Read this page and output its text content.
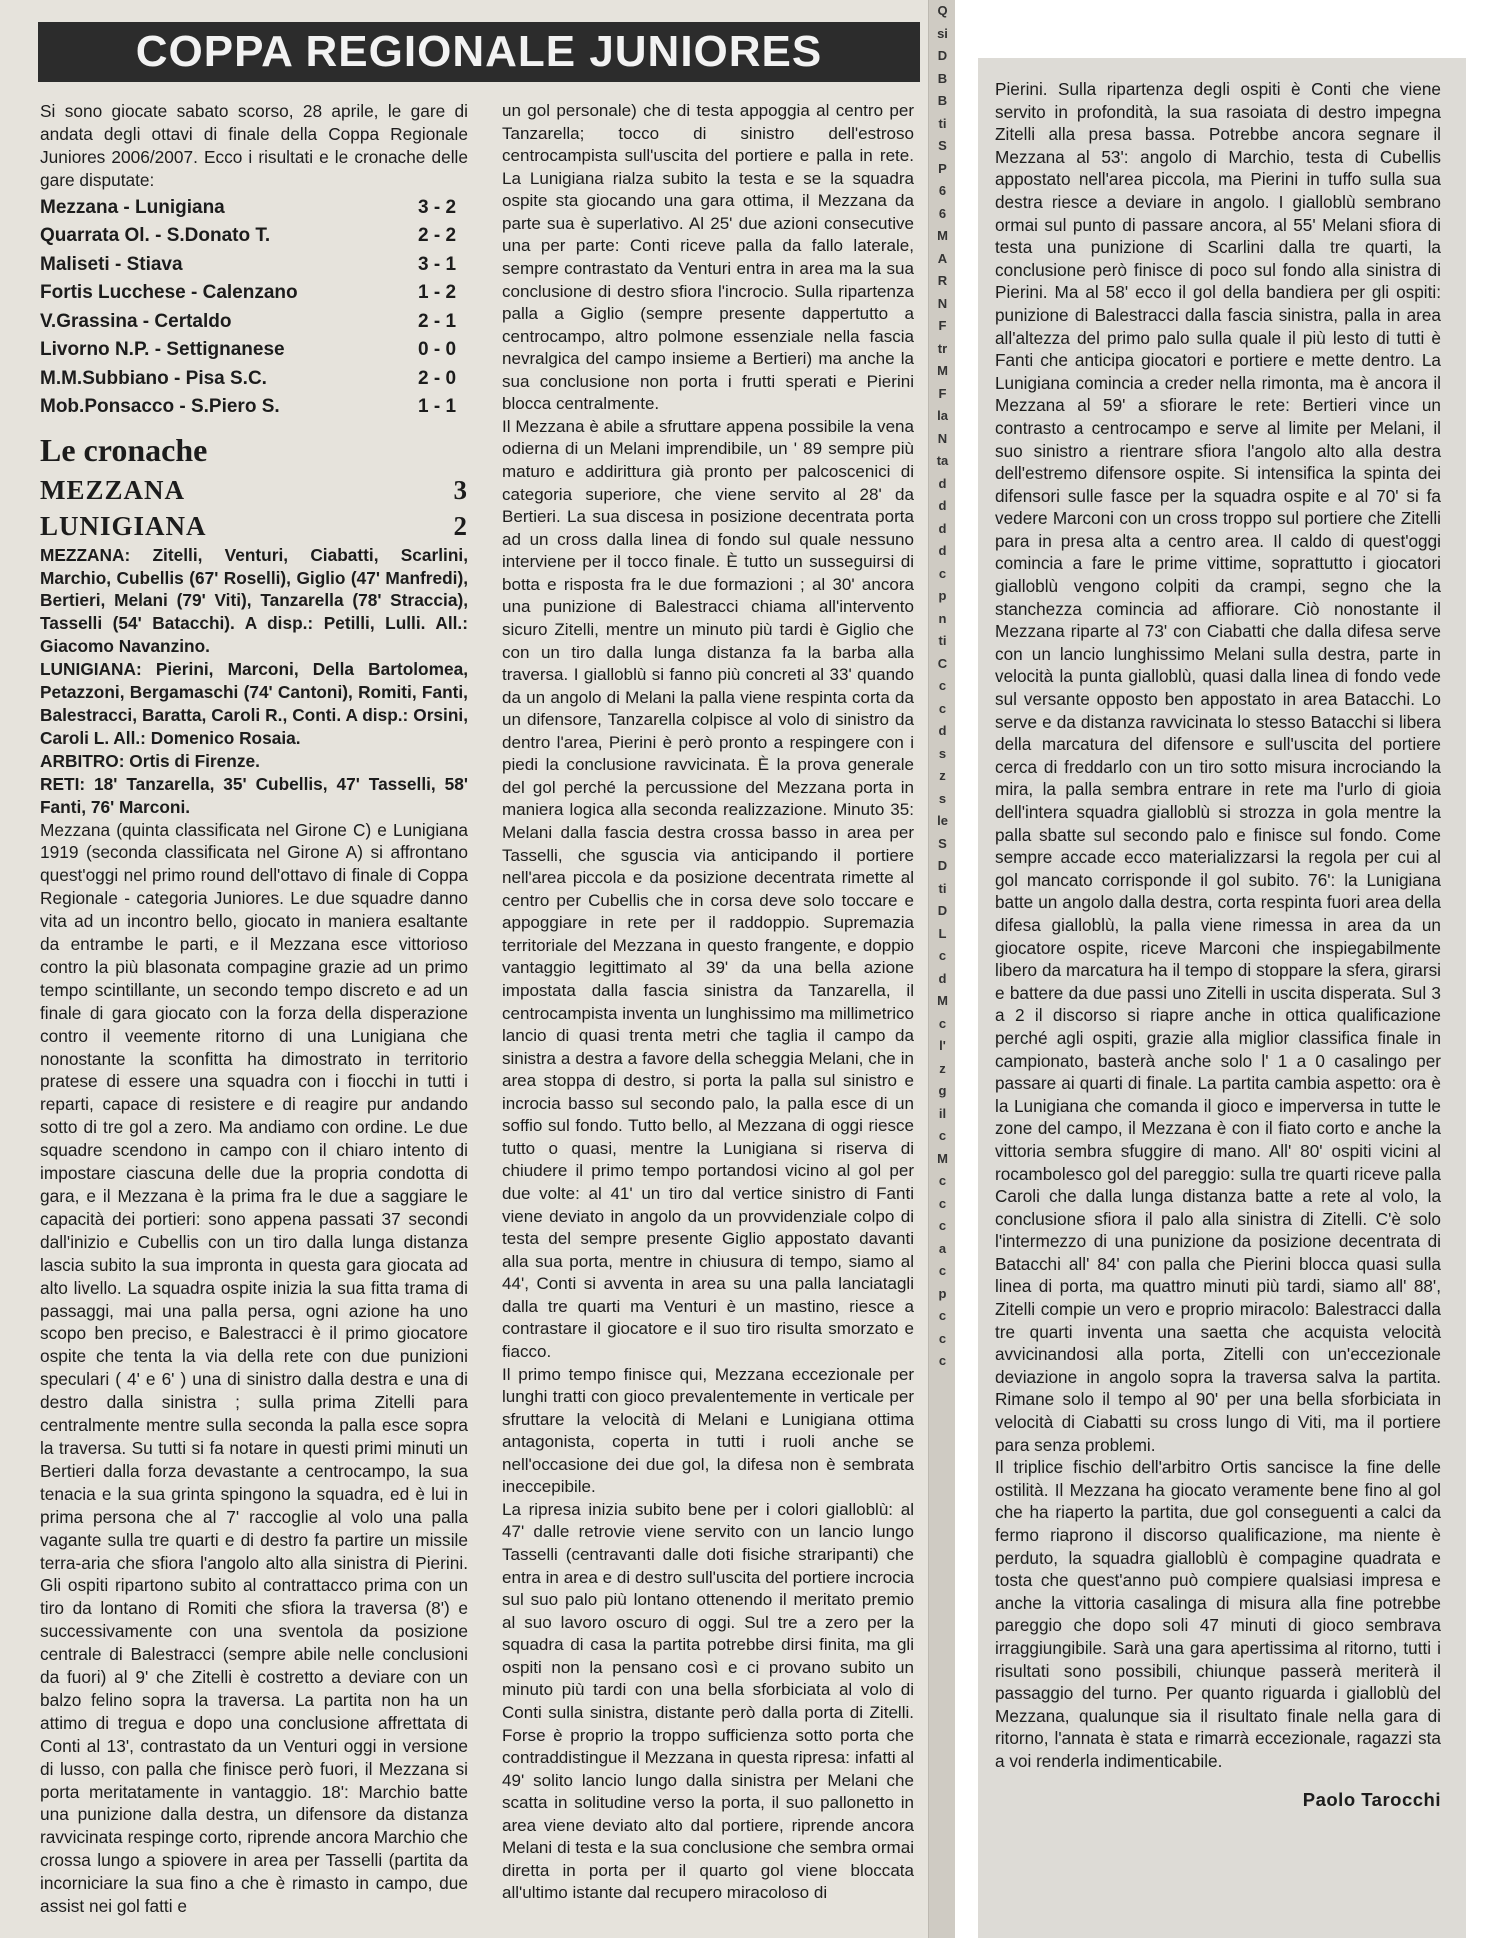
COPPA REGIONALE JUNIORES

Si sono giocate sabato scorso, 28 aprile, le gare di andata degli ottavi di finale della Coppa Regionale Juniores 2006/2007. Ecco i risultati e le cronache delle gare disputate:

Mezzana - Lunigiana	3 - 2
Quarrata Ol. - S.Donato T.	2 - 2
Maliseti - Stiava	3 - 1
Fortis Lucchese - Calenzano	1 - 2
V.Grassina - Certaldo	2 - 1
Livorno N.P. - Settignanese	0 - 0
M.M.Subbiano - Pisa S.C.	2 - 0
Mob.Ponsacco - S.Piero S.	1 - 1
Le cronache
MEZZANA	3
LUNIGIANA	2

MEZZANA: Zitelli, Venturi, Ciabatti, Scarlini, Marchio, Cubellis (67' Roselli), Giglio (47' Manfredi), Bertieri, Melani (79' Viti), Tanzarella (78' Straccia), Tasselli (54' Batacchi). A disp.: Petilli, Lulli. All.: Giacomo Navanzino.

LUNIGIANA: Pierini, Marconi, Della Bartolomea, Petazzoni, Bergamaschi (74' Cantoni), Romiti, Fanti, Balestracci, Baratta, Caroli R., Conti. A disp.: Orsini, Caroli L. All.: Domenico Rosaia.

ARBITRO: Ortis di Firenze.

RETI: 18' Tanzarella, 35' Cubellis, 47' Tasselli, 58' Fanti, 76' Marconi.

Mezzana (quinta classificata nel Girone C) e Lunigiana 1919 (seconda classificata nel Girone A) si affrontano quest'oggi nel primo round dell'ottavo di finale di Coppa Regionale - categoria Juniores. Le due squadre danno vita ad un incontro bello, giocato in maniera esaltante da entrambe le parti, e il Mezzana esce vittorioso contro la più blasonata compagine grazie ad un primo tempo scintillante, un secondo tempo discreto e ad un finale di gara giocato con la forza della disperazione contro il veemente ritorno di una Lunigiana che nonostante la sconfitta ha dimostrato in territorio pratese di essere una squadra con i fiocchi in tutti i reparti, capace di resistere e di reagire pur andando sotto di tre gol a zero. Ma andiamo con ordine. Le due squadre scendono in campo con il chiaro intento di impostare ciascuna delle due la propria condotta di gara, e il Mezzana è la prima fra le due a saggiare le capacità dei portieri: sono appena passati 37 secondi dall'inizio e Cubellis con un tiro dalla lunga distanza lascia subito la sua impronta in questa gara giocata ad alto livello. La squadra ospite inizia la sua fitta trama di passaggi, mai una palla persa, ogni azione ha uno scopo ben preciso, e Balestracci è il primo giocatore ospite che tenta la via della rete con due punizioni speculari ( 4' e 6' ) una di sinistro dalla destra e una di destro dalla sinistra ; sulla prima Zitelli para centralmente mentre sulla seconda la palla esce sopra la traversa. Su tutti si fa notare in questi primi minuti un Bertieri dalla forza devastante a centrocampo, la sua tenacia e la sua grinta spingono la squadra, ed è lui in prima persona che al 7' raccoglie al volo una palla vagante sulla tre quarti e di destro fa partire un missile terra-aria che sfiora l'angolo alto alla sinistra di Pierini. Gli ospiti ripartono subito al contrattacco prima con un tiro da lontano di Romiti che sfiora la traversa (8') e successivamente con una sventola da posizione centrale di Balestracci (sempre abile nelle conclusioni da fuori) al 9' che Zitelli è costretto a deviare con un balzo felino sopra la traversa. La partita non ha un attimo di tregua e dopo una conclusione affrettata di Conti al 13', contrastato da un Venturi oggi in versione di lusso, con palla che finisce però fuori, il Mezzana si porta meritatamente in vantaggio. 18': Marchio batte una punizione dalla destra, un difensore da distanza ravvicinata respinge corto, riprende ancora Marchio che crossa lungo a spiovere in area per Tasselli (partita da incorniciare la sua fino a che è rimasto in campo, due assist nei gol fatti e

un gol personale) che di testa appoggia al centro per Tanzarella; tocco di sinistro dell'estroso centrocampista sull'uscita del portiere e palla in rete. La Lunigiana rialza subito la testa e se la squadra ospite sta giocando una gara ottima, il Mezzana da parte sua è superlativo. Al 25' due azioni consecutive una per parte: Conti riceve palla da fallo laterale, sempre contrastato da Venturi entra in area ma la sua conclusione di destro sfiora l'incrocio. Sulla ripartenza palla a Giglio (sempre presente dappertutto a centrocampo, altro polmone essenziale nella fascia nevralgica del campo insieme a Bertieri) ma anche la sua conclusione non porta i frutti sperati e Pierini blocca centralmente.

Il Mezzana è abile a sfruttare appena possibile la vena odierna di un Melani imprendibile, un ' 89 sempre più maturo e addirittura già pronto per palcoscenici di categoria superiore, che viene servito al 28' da Bertieri. La sua discesa in posizione decentrata porta ad un cross dalla linea di fondo sul quale nessuno interviene per il tocco finale. È tutto un susseguirsi di botta e risposta fra le due formazioni ; al 30' ancora una punizione di Balestracci chiama all'intervento sicuro Zitelli, mentre un minuto più tardi è Giglio che con un tiro dalla lunga distanza fa la barba alla traversa. I gialloblù si fanno più concreti al 33' quando da un angolo di Melani la palla viene respinta corta da un difensore, Tanzarella colpisce al volo di sinistro da dentro l'area, Pierini è però pronto a respingere con i piedi la conclusione ravvicinata. È la prova generale del gol perché la percussione del Mezzana porta in maniera logica alla seconda realizzazione. Minuto 35: Melani dalla fascia destra crossa basso in area per Tasselli, che sguscia via anticipando il portiere nell'area piccola e da posizione decentrata rimette al centro per Cubellis che in corsa deve solo toccare e appoggiare in rete per il raddoppio. Supremazia territoriale del Mezzana in questo frangente, e doppio vantaggio legittimato al 39' da una bella azione impostata dalla fascia sinistra da Tanzarella, il centrocampista inventa un lunghissimo ma millimetrico lancio di quasi trenta metri che taglia il campo da sinistra a destra a favore della scheggia Melani, che in area stoppa di destro, si porta la palla sul sinistro e incrocia basso sul secondo palo, la palla esce di un soffio sul fondo. Tutto bello, al Mezzana di oggi riesce tutto o quasi, mentre la Lunigiana si riserva di chiudere il primo tempo portandosi vicino al gol per due volte: al 41' un tiro dal vertice sinistro di Fanti viene deviato in angolo da un provvidenziale colpo di testa del sempre presente Giglio appostato davanti alla sua porta, mentre in chiusura di tempo, siamo al 44', Conti si avventa in area su una palla lanciatagli dalla tre quarti ma Venturi è un mastino, riesce a contrastare il giocatore e il suo tiro risulta smorzato e fiacco.

Il primo tempo finisce qui, Mezzana eccezionale per lunghi tratti con gioco prevalentemente in verticale per sfruttare la velocità di Melani e Lunigiana ottima antagonista, coperta in tutti i ruoli anche se nell'occasione dei due gol, la difesa non è sembrata ineccepibile.

La ripresa inizia subito bene per i colori gialloblù: al 47' dalle retrovie viene servito con un lancio lungo Tasselli (centravanti dalle doti fisiche straripanti) che entra in area e di destro sull'uscita del portiere incrocia sul suo palo più lontano ottenendo il meritato premio al suo lavoro oscuro di oggi. Sul tre a zero per la squadra di casa la partita potrebbe dirsi finita, ma gli ospiti non la pensano così e ci provano subito un minuto più tardi con una bella sforbiciata al volo di Conti sulla sinistra, distante però dalla porta di Zitelli. Forse è proprio la troppo sufficienza sotto porta che contraddistingue il Mezzana in questa ripresa: infatti al 49' solito lancio lungo dalla sinistra per Melani che scatta in solitudine verso la porta, il suo pallonetto in area viene deviato alto dal portiere, riprende ancora Melani di testa e la sua conclusione che sembra ormai diretta in porta per il quarto gol viene bloccata all'ultimo istante dal recupero miracoloso di

Q
si
D
B
B
ti
S
P
6
6
M
A
R
N
F
tr
M
F
la
N
ta
d
d
d
d
c
p
n
ti
C
c
c
d
s
z
s
le
S
D
ti
D
L
c
d
M
c
l'
z
g
il
c
M
c
c
c
a
c
p
c
c
c

Pierini. Sulla ripartenza degli ospiti è Conti che viene servito in profondità, la sua rasoiata di destro impegna Zitelli alla presa bassa. Potrebbe ancora segnare il Mezzana al 53': angolo di Marchio, testa di Cubellis appostato nell'area piccola, ma Pierini in tuffo sulla sua destra riesce a deviare in angolo. I gialloblù sembrano ormai sul punto di passare ancora, al 55' Melani sfiora di testa una punizione di Scarlini dalla tre quarti, la conclusione però finisce di poco sul fondo alla sinistra di Pierini. Ma al 58' ecco il gol della bandiera per gli ospiti: punizione di Balestracci dalla fascia sinistra, palla in area all'altezza del primo palo sulla quale il più lesto di tutti è Fanti che anticipa giocatori e portiere e mette dentro. La Lunigiana comincia a creder nella rimonta, ma è ancora il Mezzana al 59' a sfiorare le rete: Bertieri vince un contrasto a centrocampo e serve al limite per Melani, il suo sinistro a rientrare sfiora l'angolo alto alla destra dell'estremo difensore ospite. Si intensifica la spinta dei difensori sulle fasce per la squadra ospite e al 70' si fa vedere Marconi con un cross troppo sul portiere che Zitelli para in presa alta a centro area. Il caldo di quest'oggi comincia a fare le prime vittime, soprattutto i giocatori gialloblù vengono colpiti da crampi, segno che la stanchezza comincia ad affiorare. Ciò nonostante il Mezzana riparte al 73' con Ciabatti che dalla difesa serve con un lancio lunghissimo Melani sulla destra, parte in velocità la punta gialloblù, quasi dalla linea di fondo vede sul versante opposto ben appostato in area Batacchi. Lo serve e da distanza ravvicinata lo stesso Batacchi si libera della marcatura del difensore e sull'uscita del portiere cerca di freddarlo con un tiro sotto misura incrociando la mira, la palla sembra entrare in rete ma l'urlo di gioia dell'intera squadra gialloblù si strozza in gola mentre la palla sbatte sul secondo palo e finisce sul fondo. Come sempre accade ecco materializzarsi la regola per cui al gol mancato corrisponde il gol subito. 76': la Lunigiana batte un angolo dalla destra, corta respinta fuori area della difesa gialloblù, la palla viene rimessa in area da un giocatore ospite, riceve Marconi che inspiegabilmente libero da marcatura ha il tempo di stoppare la sfera, girarsi e battere da due passi uno Zitelli in uscita disperata. Sul 3 a 2 il discorso si riapre anche in ottica qualificazione perché agli ospiti, grazie alla miglior classifica finale in campionato, basterà anche solo l' 1 a 0 casalingo per passare ai quarti di finale. La partita cambia aspetto: ora è la Lunigiana che comanda il gioco e imperversa in tutte le zone del campo, il Mezzana è con il fiato corto e anche la vittoria sembra sfuggire di mano. All' 80' ospiti vicini al rocambolesco gol del pareggio: sulla tre quarti riceve palla Caroli che dalla lunga distanza batte a rete al volo, la conclusione sfiora il palo alla sinistra di Zitelli. C'è solo l'intermezzo di una punizione da posizione decentrata di Batacchi all' 84' con palla che Pierini blocca quasi sulla linea di porta, ma quattro minuti più tardi, siamo all' 88', Zitelli compie un vero e proprio miracolo: Balestracci dalla tre quarti inventa una saetta che acquista velocità avvicinandosi alla porta, Zitelli con un'eccezionale deviazione in angolo sopra la traversa salva la partita. Rimane solo il tempo al 90' per una bella sforbiciata in velocità di Ciabatti su cross lungo di Viti, ma il portiere para senza problemi.

Il triplice fischio dell'arbitro Ortis sancisce la fine delle ostilità. Il Mezzana ha giocato veramente bene fino al gol che ha riaperto la partita, due gol conseguenti a calci da fermo riaprono il discorso qualificazione, ma niente è perduto, la squadra gialloblù è compagine quadrata e tosta che quest'anno può compiere qualsiasi impresa e anche la vittoria casalinga di misura alla fine potrebbe pareggio che dopo soli 47 minuti di gioco sembrava irraggiungibile. Sarà una gara apertissima al ritorno, tutti i risultati sono possibili, chiunque passerà meriterà il passaggio del turno. Per quanto riguarda i gialloblù del Mezzana, qualunque sia il risultato finale nella gara di ritorno, l'annata è stata e rimarrà eccezionale, ragazzi sta a voi renderla indimenticabile.

Paolo Tarocchi
